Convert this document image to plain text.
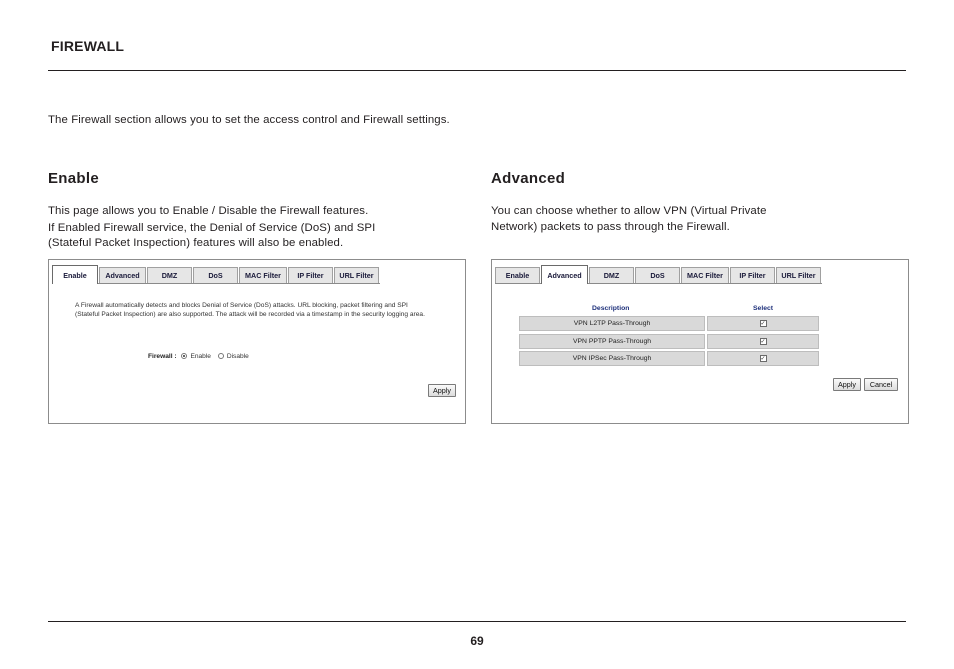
FIREWALL
The Firewall section allows you to set the access control and Firewall settings.
Enable
This page allows you to Enable / Disable the Firewall features.
If Enabled Firewall service, the Denial of Service (DoS) and SPI
(Stateful Packet Inspection) features will also be enabled.
Enable	Advanced	DMZ	DoS	MAC Filter	IP Filter	URL Filter
A Firewall automatically detects and blocks Denial of Service (DoS) attacks. URL blocking, packet filtering and SPI
(Stateful Packet Inspection) are also supported. The attack will be recorded via a timestamp in the security logging area.
Firewall : Enable Disable
Apply
Advanced
You can choose whether to allow VPN (Virtual Private
Network) packets to pass through the Firewall.
Enable	Advanced	DMZ	DoS	MAC Filter	IP Filter	URL Filter
Description	Select
VPN L2TP Pass-Through	✓
VPN PPTP Pass-Through	✓
VPN IPSec Pass-Through	✓
Apply	Cancel
69
